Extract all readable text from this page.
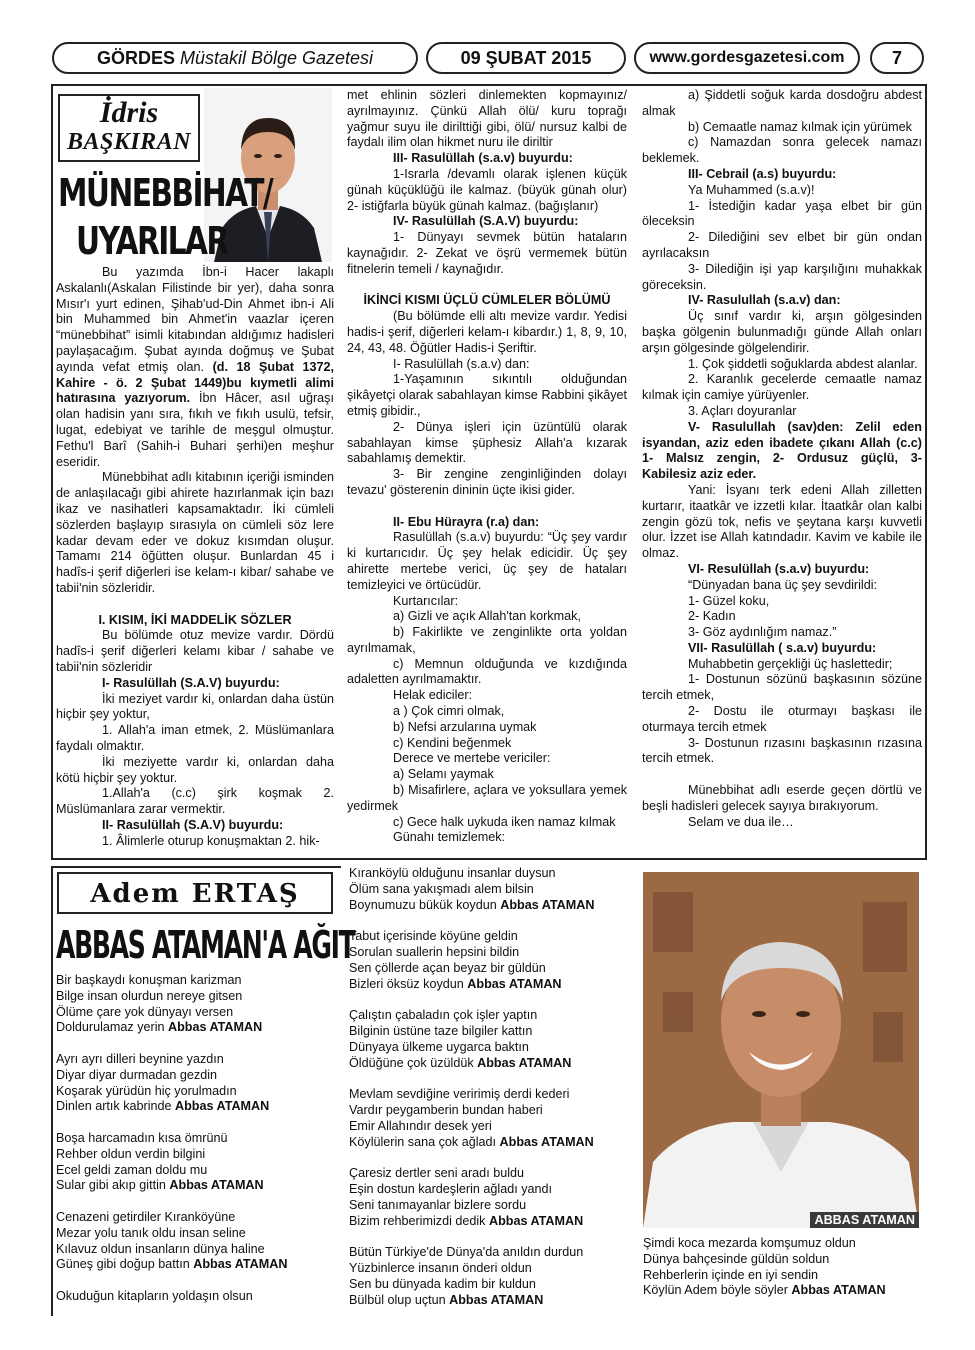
GÖRDES
Müstakil Bölge Gazetesi	09 ŞUBAT 2015	www.gordesgazetesi.com	7
İdris
BAŞKIRAN
MÜNEBBİHAT/
UYARILAR

Bu yazımda İbn-i Hacer lakaplı Askalanlı(Askalan Filistinde bir yer), daha sonra Mısır'ı yurt edinen, Şihab'ud-Din Ahmet ibn-i Ali bin Muhammed bin Ahmet'in vaazlar içeren “münebbihat” isimli kitabından aldığımız hadisleri paylaşacağım. Şubat ayında doğmuş ve Şubat ayında vefat etmiş olan. (d. 18 Şubat 1372, Kahire - ö. 2 Şubat 1449)bu kıymetli alimi hatırasına yazıyorum. İbn Hâcer, asıl uğraşı olan hadisin yanı sıra, fıkıh ve fıkıh usulü, tefsir, lugat, edebiyat ve tarihle de meşgul olmuştur. Fethu'l Barî (Sahih-i Buhari şerhi)en meşhur eseridir.

Münebbihat adlı kitabının içeriği isminden de anlaşılacağı gibi ahirete hazırlanmak için bazı ikaz ve nasihatleri kapsamaktadır. İki cümleli sözlerden başlayıp sırasıyla on cümleli söz lere kadar devam eder ve dokuz kısımdan oluşur. Tamamı 214 öğütten oluşur. Bunlardan 45 i hadîs-i şerif diğerleri ise kelam-ı kibar/ sahabe ve tabii'nin sözleridir.

I. KISIM, İKİ MADDELİK SÖZLER

Bu bölümde otuz mevize vardır. Dördü hadîs-i şerif diğerleri kelamı kibar / sahabe ve tabii'nin sözleridir

I- Rasulüllah (S.A.V) buyurdu:

İki meziyet vardır ki, onlardan daha üstün hiçbir şey yoktur,

1. Allah'a iman etmek, 2. Müslümanlara faydalı olmaktır.

İki meziyette vardır ki, onlardan daha kötü hiçbir şey yoktur.

1.Allah'a (c.c) şirk koşmak 2. Müslümanlara zarar vermektir.

II- Rasulüllah (S.A.V) buyurdu:

1. Âlimlerle oturup konuşmaktan 2. hik-

met ehlinin sözleri dinlemekten kopmayınız/ ayrılmayınız. Çünkü Allah ölü/ kuru toprağı yağmur suyu ile dirilttiği gibi, ölü/ nursuz kalbi de faydalı ilim olan hikmet nuru ile diriltir

III- Rasulüllah (s.a.v) buyurdu:

1-Israrla /devamlı olarak işlenen küçük günah küçüklüğü ile kalmaz. (büyük günah olur) 2- istiğfarla büyük günah kalmaz. (bağışlanır)

IV- Rasulüllah (S.A.V) buyurdu:

1- Dünyayı sevmek bütün hataların kaynağıdır. 2- Zekat ve öşrü vermemek bütün fitnelerin temeli / kaynağıdır.

İKİNCİ KISMI ÜÇLÜ CÜMLELER BÖLÜMÜ

(Bu bölümde elli altı mevize vardır. Yedisi hadis-i şerif, diğerleri kelam-ı kibardır.) 1, 8, 9, 10, 24, 43, 48. Öğütler Hadis-i Şeriftir.

I- Rasulüllah (s.a.v) dan:

1-Yaşamının sıkıntılı olduğundan şikâyetçi olarak sabahlayan kimse Rabbini şikâyet etmiş gibidir.,

2- Dünya işleri için üzüntülü olarak sabahlayan kimse şüphesiz Allah'a kızarak sabahlamış demektir.

3- Bir zengine zenginliğinden dolayı tevazu' gösterenin dininin üçte ikisi gider.

II- Ebu Hürayra (r.a) dan:

Rasulüllah (s.a.v) buyurdu: “Üç şey vardır ki kurtarıcıdır. Üç şey helak edicidir. Üç şey ahirette mertebe verici, üç şey de hataları temizleyici ve örtücüdür.

Kurtarıcılar:

a) Gizli ve açık Allah'tan korkmak,

b) Fakirlikte ve zenginlikte orta yoldan ayrılmamak,

c) Memnun olduğunda ve kızdığında adaletten ayrılmamaktır.

Helak ediciler:

a ) Çok cimri olmak,

b) Nefsi arzularına uymak

c) Kendini beğenmek

Derece ve mertebe vericiler:

a) Selamı yaymak

b) Misafirlere, açlara ve yoksullara yemek yedirmek

c) Gece halk uykuda iken namaz kılmak

Günahı temizlemek:

a) Şiddetli soğuk karda dosdoğru abdest almak

b) Cemaatle namaz kılmak için yürümek

c) Namazdan sonra gelecek namazı beklemek.

III- Cebrail (a.s) buyurdu:

Ya Muhammed (s.a.v)!

1- İstediğin kadar yaşa elbet bir gün öleceksin

2- Dilediğini sev elbet bir gün ondan ayrılacaksın

3- Dilediğin işi yap karşılığını muhakkak göreceksin.

IV- Rasulullah (s.a.v) dan:

Üç sınıf vardır ki, arşın gölgesinden başka gölgenin bulunmadığı günde Allah onları arşın gölgesinde gölgelendirir.

1. Çok şiddetli soğuklarda abdest alanlar.

2. Karanlık gecelerde cemaatle namaz kılmak için camiye yürüyenler.

3. Açları doyuranlar

V- Rasulullah (sav)den: Zelil eden isyandan, aziz eden ibadete çıkanı Allah (c.c) 1- Malsız zengin, 2- Ordusuz güçlü, 3- Kabilesiz aziz eder.

Yani: İsyanı terk edeni Allah zilletten kurtarır, itaatkâr ve izzetli kılar. İtaatkâr olan kalbi zengin gözü tok, nefis ve şeytana karşı kuvvetli olur. İzzet ise Allah katındadır. Kavim ve kabile ile olmaz.

VI- Resulüllah (s.a.v) buyurdu:

“Dünyadan bana üç şey sevdirildi:

1- Güzel koku,

2- Kadın

3- Göz aydınlığım namaz.”

VII- Rasulüllah ( s.a.v) buyurdu:

Muhabbetin gerçekliği üç haslettedir;

1- Dostunun sözünü başkasının sözüne tercih etmek,

2- Dostu ile oturmayı başkası ile oturmaya tercih etmek

3- Dostunun rızasını başkasının rızasına tercih etmek.

Münebbihat adlı eserde geçen dörtlü ve beşli hadisleri gelecek sayıya bırakıyorum.

Selam ve dua ile…

Adem ERTAŞ
ABBAS ATAMAN'A AĞIT
Bir başkaydı konuşman karizman
Bilge insan olurdun nereye gitsen
Ölüme çare yok dünyayı versen
Doldurulamaz yerin Abbas ATAMAN
Ayrı ayrı dilleri beynine yazdın
Diyar diyar durmadan gezdin
Koşarak yürüdün hiç yorulmadın
Dinlen artık kabrinde Abbas ATAMAN
Boşa harcamadın kısa ömrünü
Rehber oldun verdin bilgini
Ecel geldi zaman doldu mu
Sular gibi akıp gittin Abbas ATAMAN
Cenazeni getirdiler Kıranköyüne
Mezar yolu tanık oldu insan seline
Kılavuz oldun insanların dünya haline
Güneş gibi doğup battın Abbas ATAMAN
Okuduğun kitapların yoldaşın olsun
Kıranköylü olduğunu insanlar duysun
Ölüm sana yakışmadı alem bilsin
Boynumuzu bükük koydun Abbas ATAMAN
Tabut içerisinde köyüne geldin
Sorulan suallerin hepsini bildin
Sen çöllerde açan beyaz bir güldün
Bizleri öksüz koydun Abbas ATAMAN
Çalıştın çabaladın çok işler yaptın
Bilginin üstüne taze bilgiler kattın
Dünyaya ülkeme uygarca baktın
Öldüğüne çok üzüldük Abbas ATAMAN
Mevlam sevdiğine veririmiş derdi kederi
Vardır peygamberin bundan haberi
Emir Allahındır desek yeri
Köylülerin sana çok ağladı Abbas ATAMAN
Çaresiz dertler seni aradı buldu
Eşin dostun kardeşlerin ağladı yandı
Seni tanımayanlar bizlere sordu
Bizim rehberimizdi dedik Abbas ATAMAN
Bütün Türkiye'de Dünya'da anıldın durdun
Yüzbinlerce insanın önderi oldun
Sen bu dünyada kadim bir kuldun
Bülbül olup uçtun Abbas ATAMAN
ABBAS ATAMAN
Şimdi koca mezarda komşumuz oldun
Dünya bahçesinde güldün soldun
Rehberlerin içinde en iyi sendin
Köylün Adem böyle söyler Abbas ATAMAN
